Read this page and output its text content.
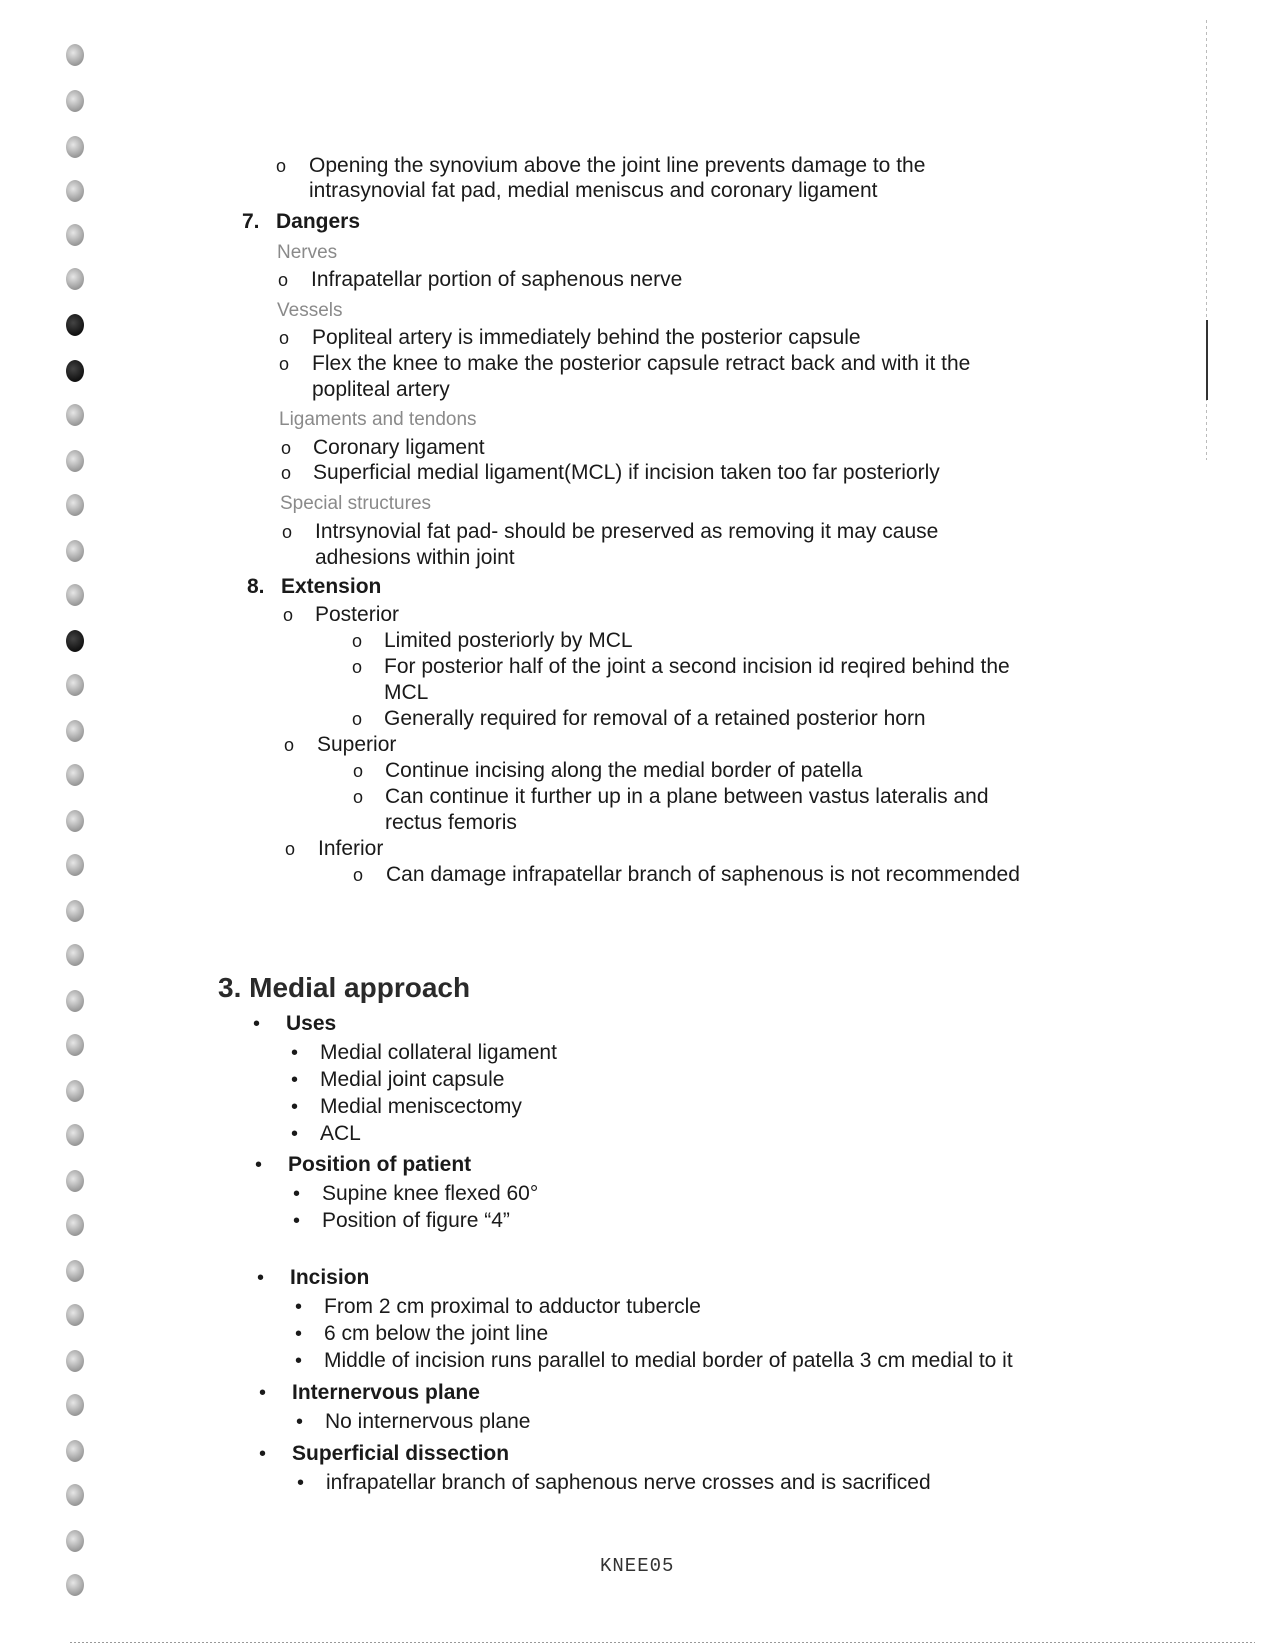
o Opening the synovium above the joint line prevents damage to the
intrasynovial fat pad, medial meniscus and coronary ligament
7. Dangers
Nerves
o Infrapatellar portion of saphenous nerve
Vessels
o Popliteal artery is immediately behind the posterior capsule
o Flex the knee to make the posterior capsule retract back and with it the
popliteal artery
Ligaments and tendons
o Coronary ligament
o Superficial medial ligament(MCL) if incision taken too far posteriorly
Special structures
o Intrsynovial fat pad- should be preserved as removing it may cause
adhesions within joint
8. Extension
o Posterior
o Limited posteriorly by MCL
o For posterior half of the joint a second incision id reqired behind the
MCL
o Generally required for removal of a retained posterior horn
o Superior
o Continue incising along the medial border of patella
o Can continue it further up in a plane between vastus lateralis and
rectus femoris
o Inferior
o Can damage infrapatellar branch of saphenous is not recommended
3. Medial approach
• Uses
• Medial collateral ligament
• Medial joint capsule
• Medial meniscectomy
• ACL
• Position of patient
• Supine knee flexed 60°
• Position of figure “4”
• Incision
• From 2 cm proximal to adductor tubercle
• 6 cm below the joint line
• Middle of incision runs parallel to medial border of patella 3 cm medial to it
• Internervous plane
• No internervous plane
• Superficial dissection
• infrapatellar branch of saphenous nerve crosses and is sacrificed
KNEE05
